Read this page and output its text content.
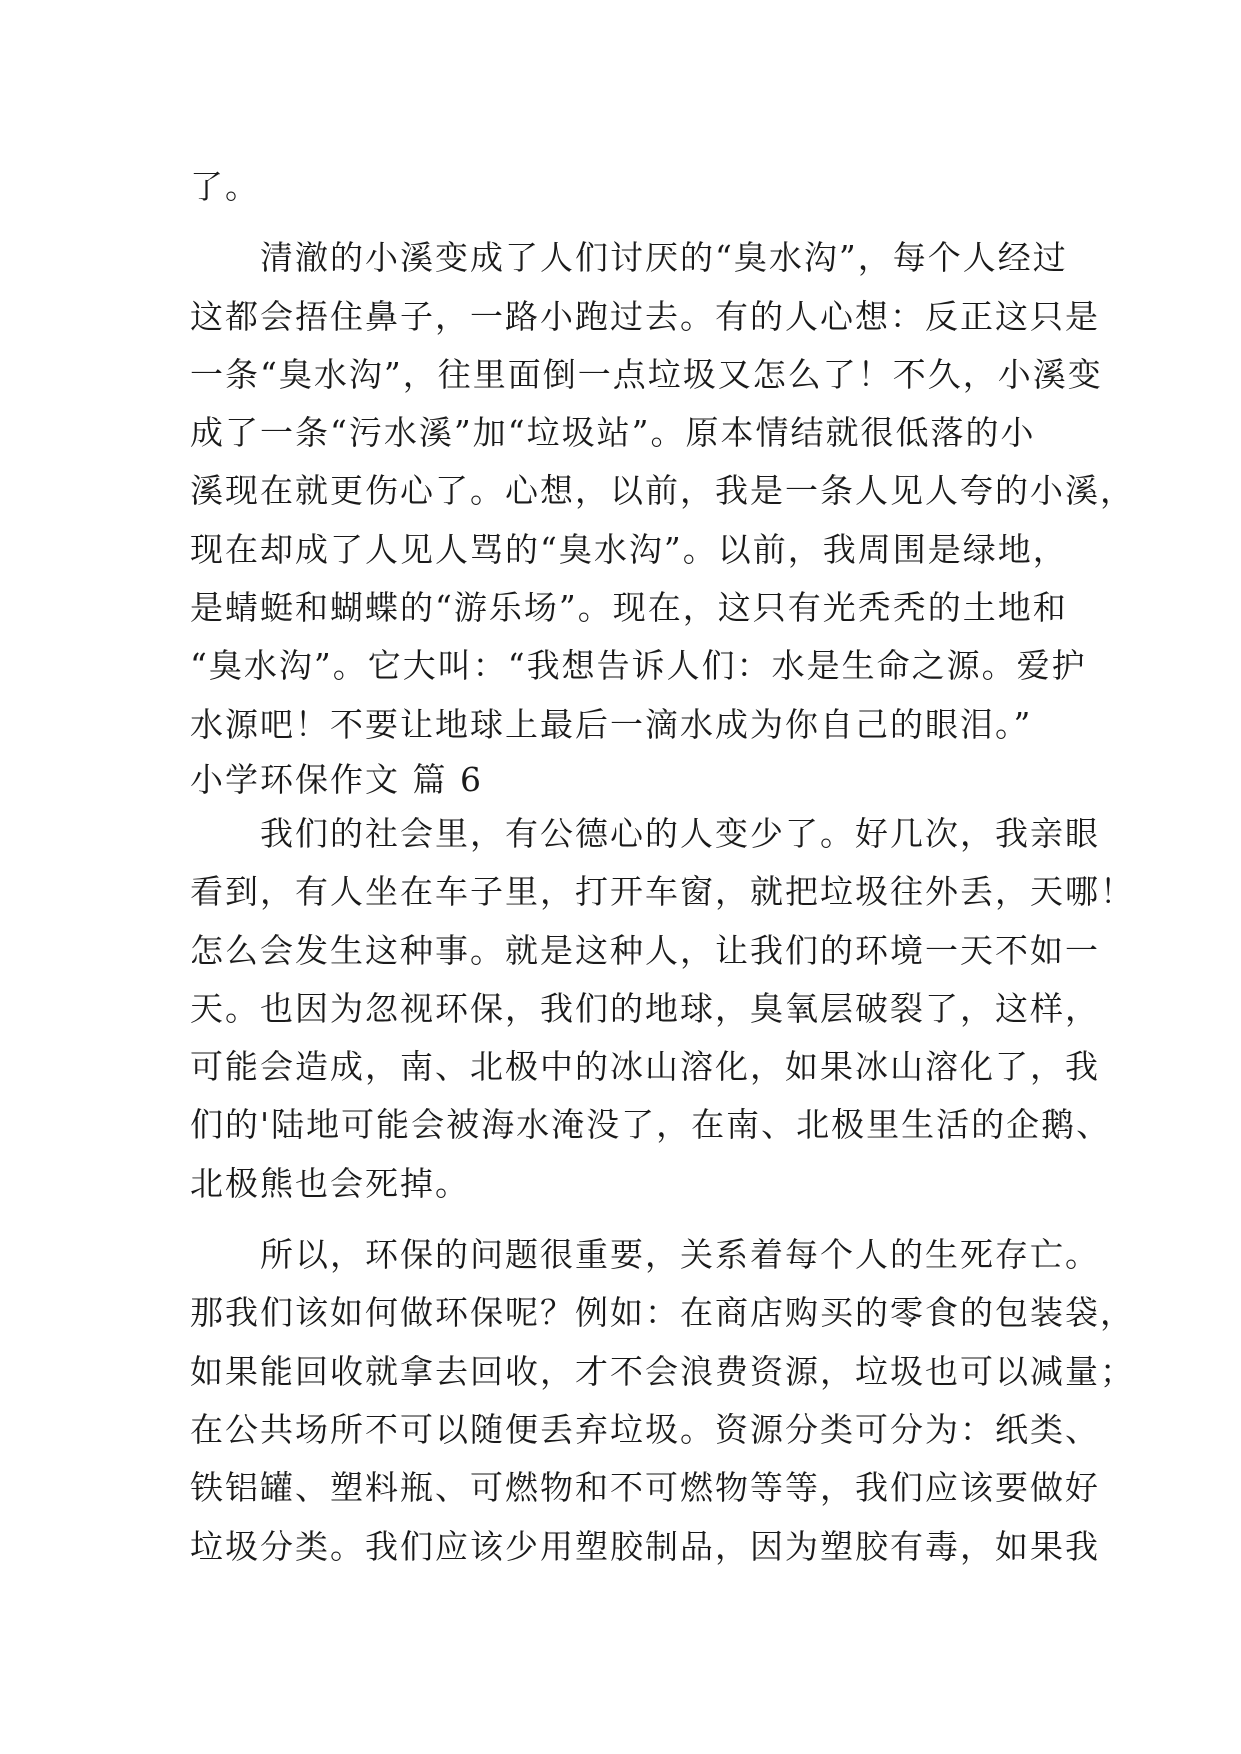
了。
清澈的小溪变成了人们讨厌的“臭水沟”，每个人经过
这都会捂住鼻子，一路小跑过去。有的人心想：反正这只是
一条“臭水沟”，往里面倒一点垃圾又怎么了！不久，小溪变
成了一条“污水溪”加“垃圾站”。原本情结就很低落的小
溪现在就更伤心了。心想，以前，我是一条人见人夸的小溪，
现在却成了人见人骂的“臭水沟”。以前，我周围是绿地，
是蜻蜓和蝴蝶的“游乐场”。现在，这只有光秃秃的土地和
“臭水沟”。它大叫：“我想告诉人们：水是生命之源。爱护
水源吧！不要让地球上最后一滴水成为你自己的眼泪。”
小学环保作文 篇 6
我们的社会里，有公德心的人变少了。好几次，我亲眼
看到，有人坐在车子里，打开车窗，就把垃圾往外丢，天哪！
怎么会发生这种事。就是这种人，让我们的环境一天不如一
天。也因为忽视环保，我们的地球，臭氧层破裂了，这样，
可能会造成，南、北极中的冰山溶化，如果冰山溶化了，我
们的'陆地可能会被海水淹没了，在南、北极里生活的企鹅、
北极熊也会死掉。
所以，环保的问题很重要，关系着每个人的生死存亡。
那我们该如何做环保呢？例如：在商店购买的零食的包装袋，
如果能回收就拿去回收，才不会浪费资源，垃圾也可以减量；
在公共场所不可以随便丢弃垃圾。资源分类可分为：纸类、
铁铝罐、塑料瓶、可燃物和不可燃物等等，我们应该要做好
垃圾分类。我们应该少用塑胶制品，因为塑胶有毒，如果我
